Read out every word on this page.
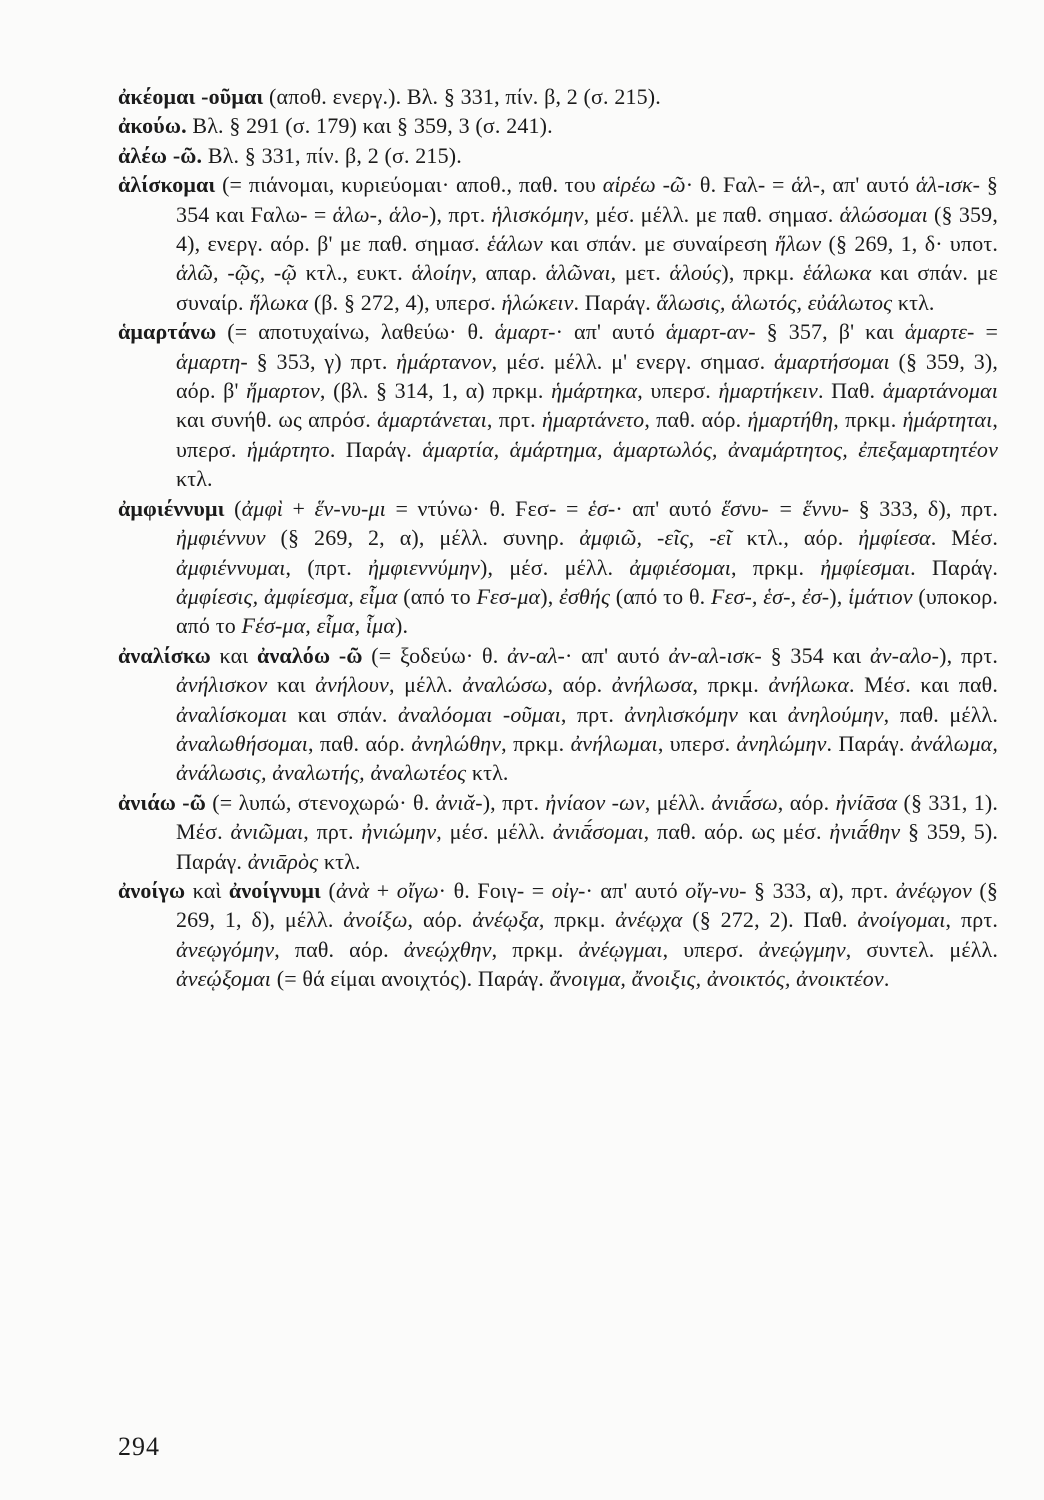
ἀκέομαι -οῦμαι (αποθ. ενεργ.). Βλ. § 331, πίν. β, 2 (σ. 215).

ἀκούω. Βλ. § 291 (σ. 179) και § 359, 3 (σ. 241).

ἀλέω -ῶ. Βλ. § 331, πίν. β, 2 (σ. 215).

ἁλίσκομαι (= πιάνομαι, κυριεύομαι· αποθ., παθ. του αἱρέω -ῶ· θ. Ϝαλ- = ἁλ-, απ' αυτό ἁλ-ισκ- § 354 και Ϝαλω- = ἁλω-, ἁλο-), πρτ. ἡλισκόμην, μέσ. μέλλ. με παθ. σημασ. ἁλώσομαι (§ 359, 4), ενεργ. αόρ. β' με παθ. σημασ. ἑάλων και σπάν. με συναίρεση ἥλων (§ 269, 1, δ· υποτ. ἁλῶ, -ῷς, -ῷ κτλ., ευκτ. ἁλοίην, απαρ. ἁλῶναι, μετ. ἁλούς), πρκμ. ἑάλωκα και σπάν. με συναίρ. ἥλωκα (β. § 272, 4), υπερσ. ἡλώκειν. Παράγ. ἅλωσις, ἁλωτός, εὐάλωτος κτλ.

ἁμαρτάνω (= αποτυχαίνω, λαθεύω· θ. ἁμαρτ-· απ' αυτό ἁμαρτ-αν- § 357, β' και ἁμαρτε- = ἁμαρτη- § 353, γ) πρτ. ἡμάρτανον, μέσ. μέλλ. μ' ενεργ. σημασ. ἁμαρτήσομαι (§ 359, 3), αόρ. β' ἥμαρτον, (βλ. § 314, 1, α) πρκμ. ἡμάρτηκα, υπερσ. ἡμαρτήκειν. Παθ. ἁμαρτάνομαι και συνήθ. ως απρόσ. ἁμαρτάνεται, πρτ. ἡμαρτάνετο, παθ. αόρ. ἡμαρτήθη, πρκμ. ἡμάρτηται, υπερσ. ἡμάρτητο. Παράγ. ἁμαρτία, ἁμάρτημα, ἁμαρτωλός, ἀναμάρτητος, ἐπεξαμαρτητέον κτλ.

ἀμφιέννυμι (ἀμφὶ + ἕν-νυ-μι = ντύνω· θ. Ϝεσ- = ἑσ-· απ' αυτό ἕσνυ- = ἕννυ- § 333, δ), πρτ. ἠμφιέννυν (§ 269, 2, α), μέλλ. συνηρ. ἀμφιῶ, -εῖς, -εῖ κτλ., αόρ. ἠμφίεσα. Μέσ. ἀμφιέννυμαι, (πρτ. ἠμφιεννύμην), μέσ. μέλλ. ἀμφιέσομαι, πρκμ. ἠμφίεσμαι. Παράγ. ἀμφίεσις, ἀμφίεσμα, εἷμα (από το Ϝεσ-μα), ἐσθής (από το θ. Ϝεσ-, ἑσ-, ἐσ-), ἱμάτιον (υποκορ. από το Ϝέσ-μα, εἷμα, ἷμα).

ἀναλίσκω και ἀναλόω -ῶ (= ξοδεύω· θ. ἀν-αλ-· απ' αυτό ἀν-αλ-ισκ- § 354 και ἀν-αλο-), πρτ. ἀνήλισκον και ἀνήλουν, μέλλ. ἀναλώσω, αόρ. ἀνήλωσα, πρκμ. ἀνήλωκα. Μέσ. και παθ. ἀναλίσκομαι και σπάν. ἀναλόομαι -οῦμαι, πρτ. ἀνηλισκόμην και ἀνηλούμην, παθ. μέλλ. ἀναλωθήσομαι, παθ. αόρ. ἀνηλώθην, πρκμ. ἀνήλωμαι, υπερσ. ἀνηλώμην. Παράγ. ἀνάλωμα, ἀνάλωσις, ἀναλωτής, ἀναλωτέος κτλ.

ἀνιάω -ῶ (= λυπώ, στενοχωρώ· θ. ἀνιᾰ-), πρτ. ἠνίαον -ων, μέλλ. ἀνιᾱ́σω, αόρ. ἠνίᾱσα (§ 331, 1). Μέσ. ἀνιῶμαι, πρτ. ἠνιώμην, μέσ. μέλλ. ἀνιᾱ́σομαι, παθ. αόρ. ως μέσ. ἠνιᾱ́θην § 359, 5). Παράγ. ἀνιᾱρὸς κτλ.

ἀνοίγω καὶ ἀνοίγνυμι (ἀνὰ + οἴγω· θ. Ϝοιγ- = οἰγ-· απ' αυτό οἴγ-νυ- § 333, α), πρτ. ἀνέῳγον (§ 269, 1, δ), μέλλ. ἀνοίξω, αόρ. ἀνέῳξα, πρκμ. ἀνέῳχα (§ 272, 2). Παθ. ἀνοίγομαι, πρτ. ἀνεῳγόμην, παθ. αόρ. ἀνεῴχθην, πρκμ. ἀνέῳγμαι, υπερσ. ἀνεῴγμην, συντελ. μέλλ. ἀνεῴξομαι (= θά είμαι ανοιχτός). Παράγ. ἄνοιγμα, ἄνοιξις, ἀνοικτός, ἀνοικτέον.

294
